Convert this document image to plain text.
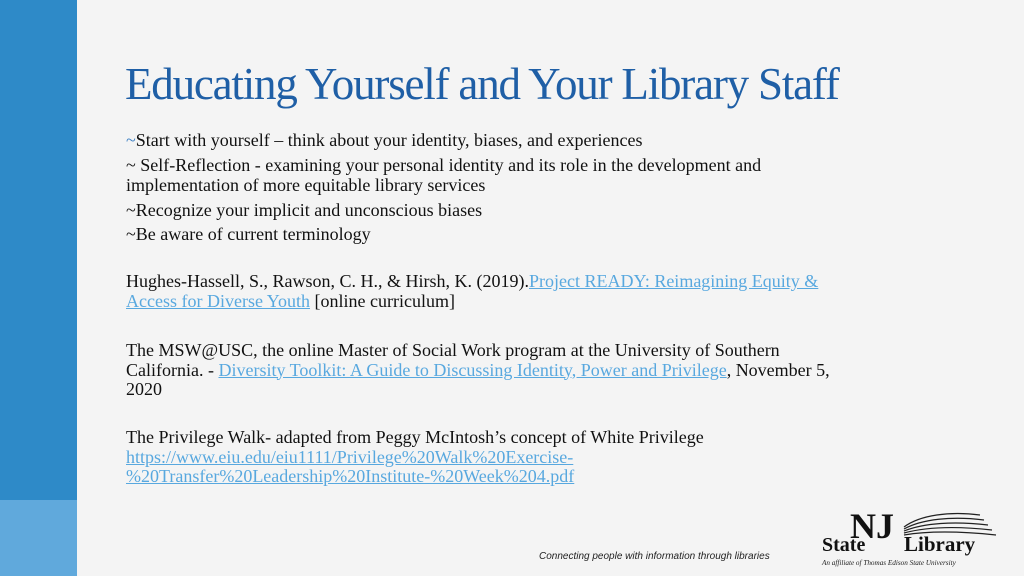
Educating Yourself and Your Library Staff
~Start with yourself – think about your identity, biases, and experiences
~ Self-Reflection - examining your personal identity and its role in the development and implementation of more equitable library services
~Recognize your implicit and unconscious biases
~Be aware of current terminology

Hughes-Hassell, S., Rawson, C. H., & Hirsh, K. (2019).Project READY: Reimagining Equity & Access for Diverse Youth [online curriculum]

The MSW@USC, the online Master of Social Work program at the University of Southern California. - Diversity Toolkit: A Guide to Discussing Identity, Power and Privilege, November 5, 2020

The Privilege Walk- adapted from Peggy McIntosh’s concept of White Privilege https://www.eiu.edu/eiu1111/Privilege%20Walk%20Exercise-%20Transfer%20Leadership%20Institute-%20Week%204.pdf

Connecting people with information through libraries
NJ
State Library
An affiliate of Thomas Edison State University
